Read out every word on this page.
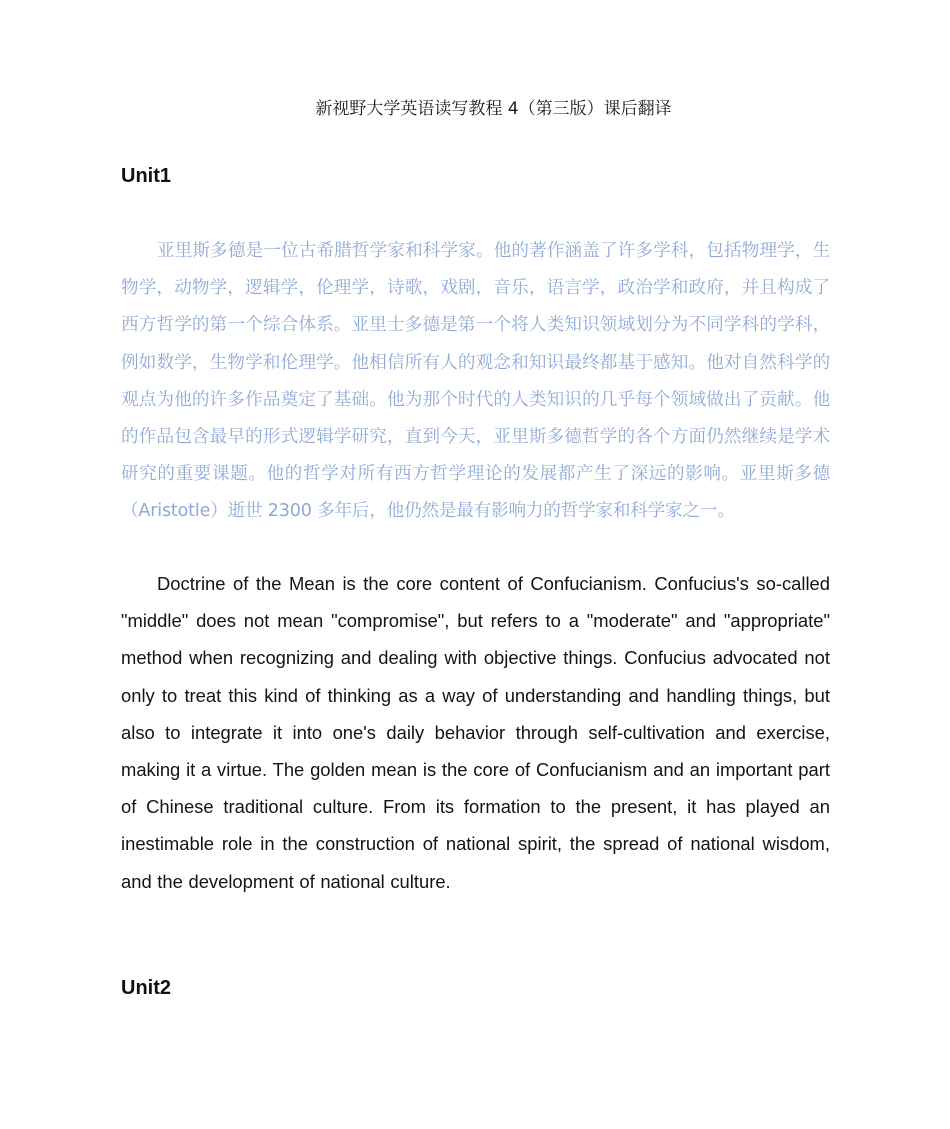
新视野大学英语读写教程 4（第三版）课后翻译
Unit1

亚里斯多德是一位古希腊哲学家和科学家。他的著作涵盖了许多学科，包括物理学，生物学，动物学，逻辑学，伦理学，诗歌，戏剧，音乐，语言学，政治学和政府，并且构成了西方哲学的第一个综合体系。亚里士多德是第一个将人类知识领域划分为不同学科的学科，例如数学，生物学和伦理学。他相信所有人的观念和知识最终都基于感知。他对自然科学的观点为他的许多作品奠定了基础。他为那个时代的人类知识的几乎每个领域做出了贡献。他的作品包含最早的形式逻辑学研究，直到今天，亚里斯多德哲学的各个方面仍然继续是学术研究的重要课题。他的哲学对所有西方哲学理论的发展都产生了深远的影响。亚里斯多德（Aristotle）逝世 2300 多年后，他仍然是最有影响力的哲学家和科学家之一。

Doctrine of the Mean is the core content of Confucianism. Confucius's so-called "middle" does not mean "compromise", but refers to a "moderate" and "appropriate" method when recognizing and dealing with objective things. Confucius advocated not only to treat this kind of thinking as a way of understanding and handling things, but also to integrate it into one's daily behavior through self-cultivation and exercise, making it a virtue. The golden mean is the core of Confucianism and an important part of Chinese traditional culture. From its formation to the present, it has played an inestimable role in the construction of national spirit, the spread of national wisdom, and the development of national culture.

Unit2
